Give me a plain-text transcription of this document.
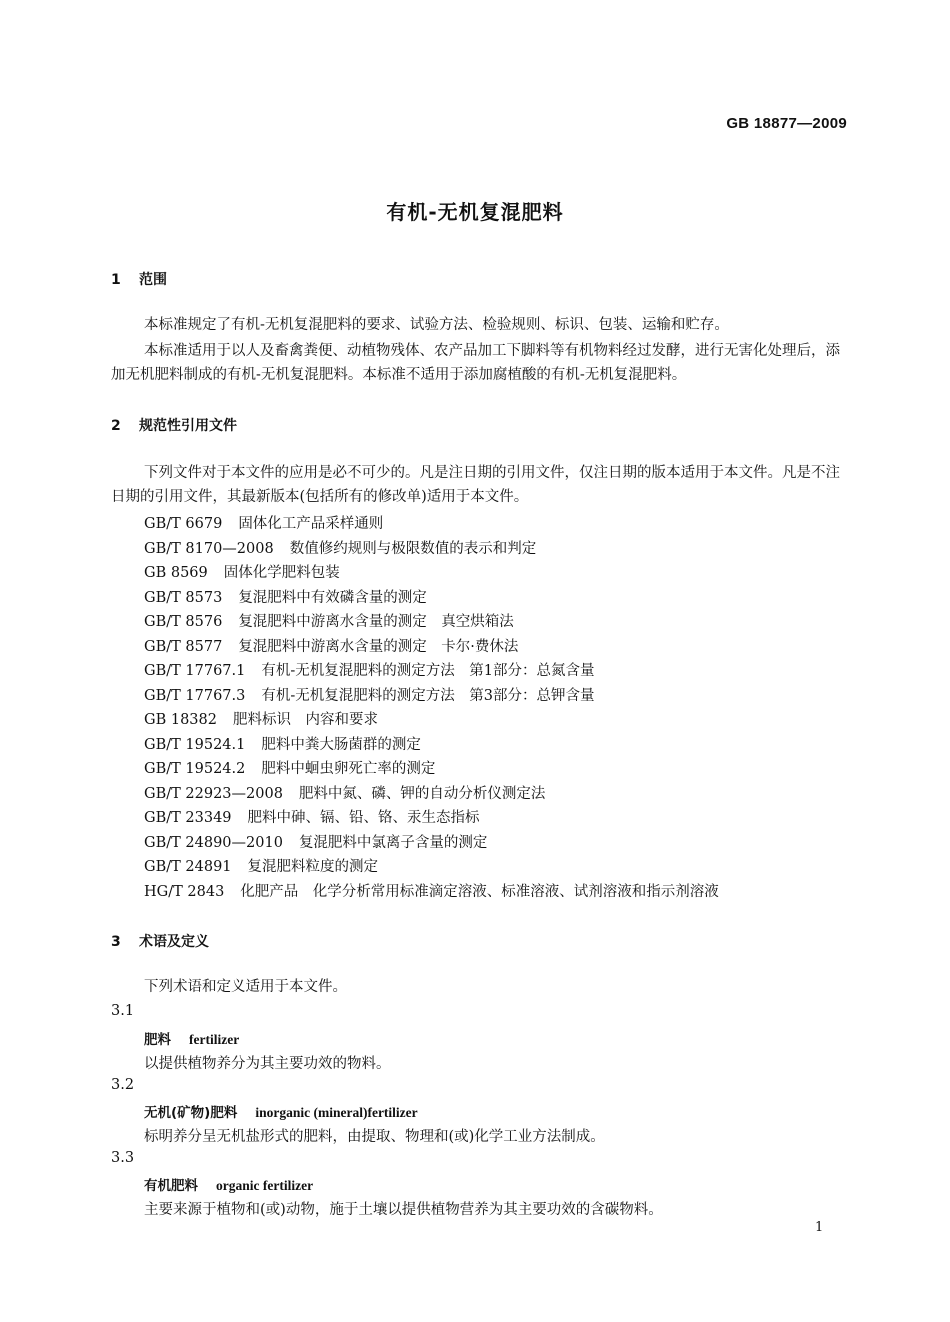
GB 18877—2009
有机-无机复混肥料
1 范围
本标准规定了有机-无机复混肥料的要求、试验方法、检验规则、标识、包装、运输和贮存。
本标准适用于以人及畜禽粪便、动植物残体、农产品加工下脚料等有机物料经过发酵，进行无害化处理后，添加无机肥料制成的有机-无机复混肥料。本标准不适用于添加腐植酸的有机-无机复混肥料。
2 规范性引用文件
下列文件对于本文件的应用是必不可少的。凡是注日期的引用文件，仅注日期的版本适用于本文件。凡是不注日期的引用文件，其最新版本(包括所有的修改单)适用于本文件。
GB/T 6679 固体化工产品采样通则
GB/T 8170—2008 数值修约规则与极限数值的表示和判定
GB 8569 固体化学肥料包装
GB/T 8573 复混肥料中有效磷含量的测定
GB/T 8576 复混肥料中游离水含量的测定　真空烘箱法
GB/T 8577 复混肥料中游离水含量的测定　卡尔·费休法
GB/T 17767.1 有机-无机复混肥料的测定方法　第1部分：总氮含量
GB/T 17767.3 有机-无机复混肥料的测定方法　第3部分：总钾含量
GB 18382 肥料标识　内容和要求
GB/T 19524.1 肥料中粪大肠菌群的测定
GB/T 19524.2 肥料中蛔虫卵死亡率的测定
GB/T 22923—2008 肥料中氮、磷、钾的自动分析仪测定法
GB/T 23349 肥料中砷、镉、铅、铬、汞生态指标
GB/T 24890—2010 复混肥料中氯离子含量的测定
GB/T 24891 复混肥料粒度的测定
HG/T 2843 化肥产品　化学分析常用标准滴定溶液、标准溶液、试剂溶液和指示剂溶液
3 术语及定义
下列术语和定义适用于本文件。
3.1
肥料 fertilizer
以提供植物养分为其主要功效的物料。
3.2
无机(矿物)肥料 inorganic (mineral)fertilizer
标明养分呈无机盐形式的肥料，由提取、物理和(或)化学工业方法制成。
3.3
有机肥料 organic fertilizer
主要来源于植物和(或)动物，施于土壤以提供植物营养为其主要功效的含碳物料。
1
